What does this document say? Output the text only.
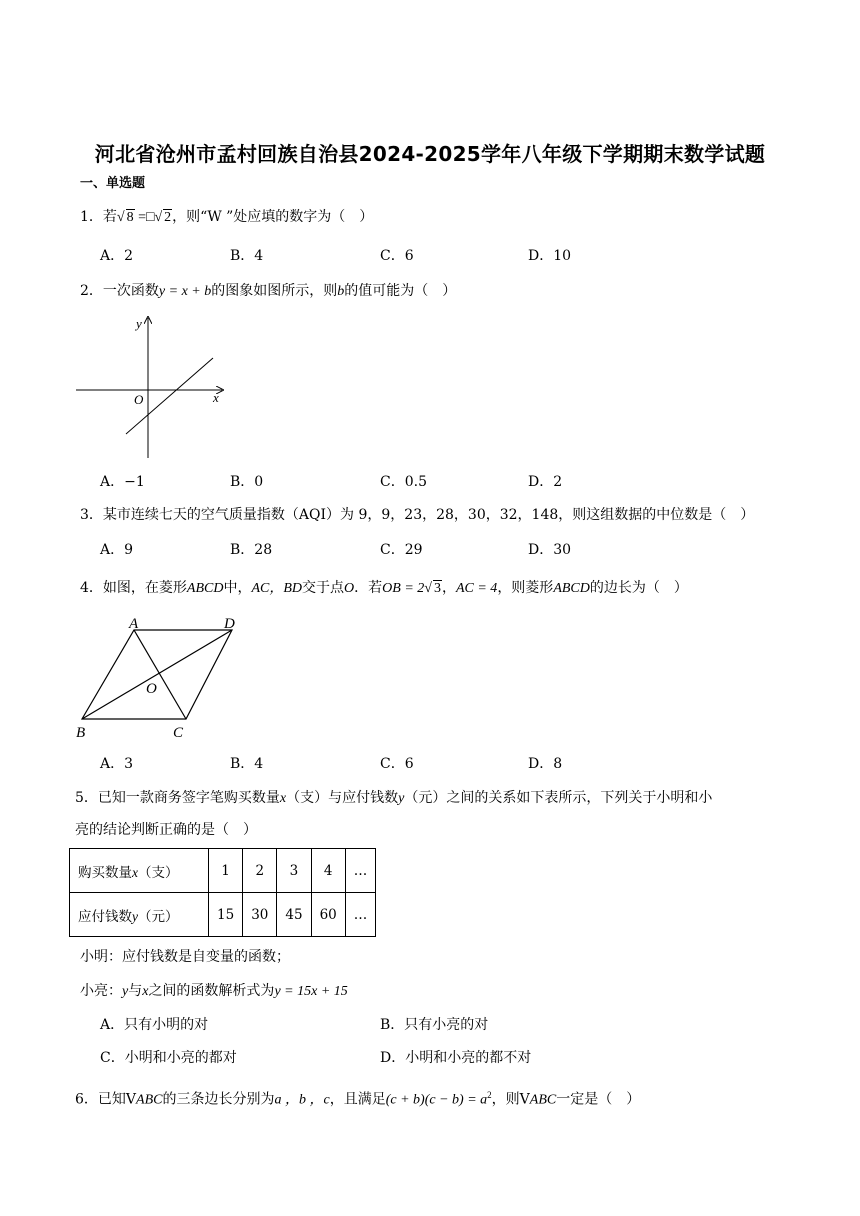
河北省沧州市孟村回族自治县2024-2025学年八年级下学期期末数学试题
一、单选题
1．若√ 8 =□√ 2，则“W ”处应填的数字为（　）
A．2	B．4	C．6	D．10
2．一次函数y = x + b的图象如图所示，则b的值可能为（　）
y
x
O
A．−1	B．0	C．0.5	D．2
3．某市连续七天的空气质量指数（AQI）为 9，9，23，28，30，32，148，则这组数据的中位数是（　）
A．9	B．28	C．29	D．30
4．如图，在菱形ABCD中，AC，BD交于点O．若OB = 2√ 3，AC = 4，则菱形ABCD的边长为（　）
A	D
B	C
O
A．3	B．4	C．6	D．8
5．已知一款商务签字笔购买数量x（支）与应付钱数y（元）之间的关系如下表所示，下列关于小明和小
亮的结论判断正确的是（　）
购买数量x（支）	1	2	3	4	…
应付钱数y（元）	15	30	45	60	…
小明：应付钱数是自变量的函数；
小亮：y与x之间的函数解析式为y = 15x + 15
A．只有小明的对	B．只有小亮的对
C．小明和小亮的都对	D．小明和小亮的都不对
6．已知VABC的三条边长分别为a ，b ，c，且满足$(c + b)(c - b) = a^2$，则VABC一定是（　）
